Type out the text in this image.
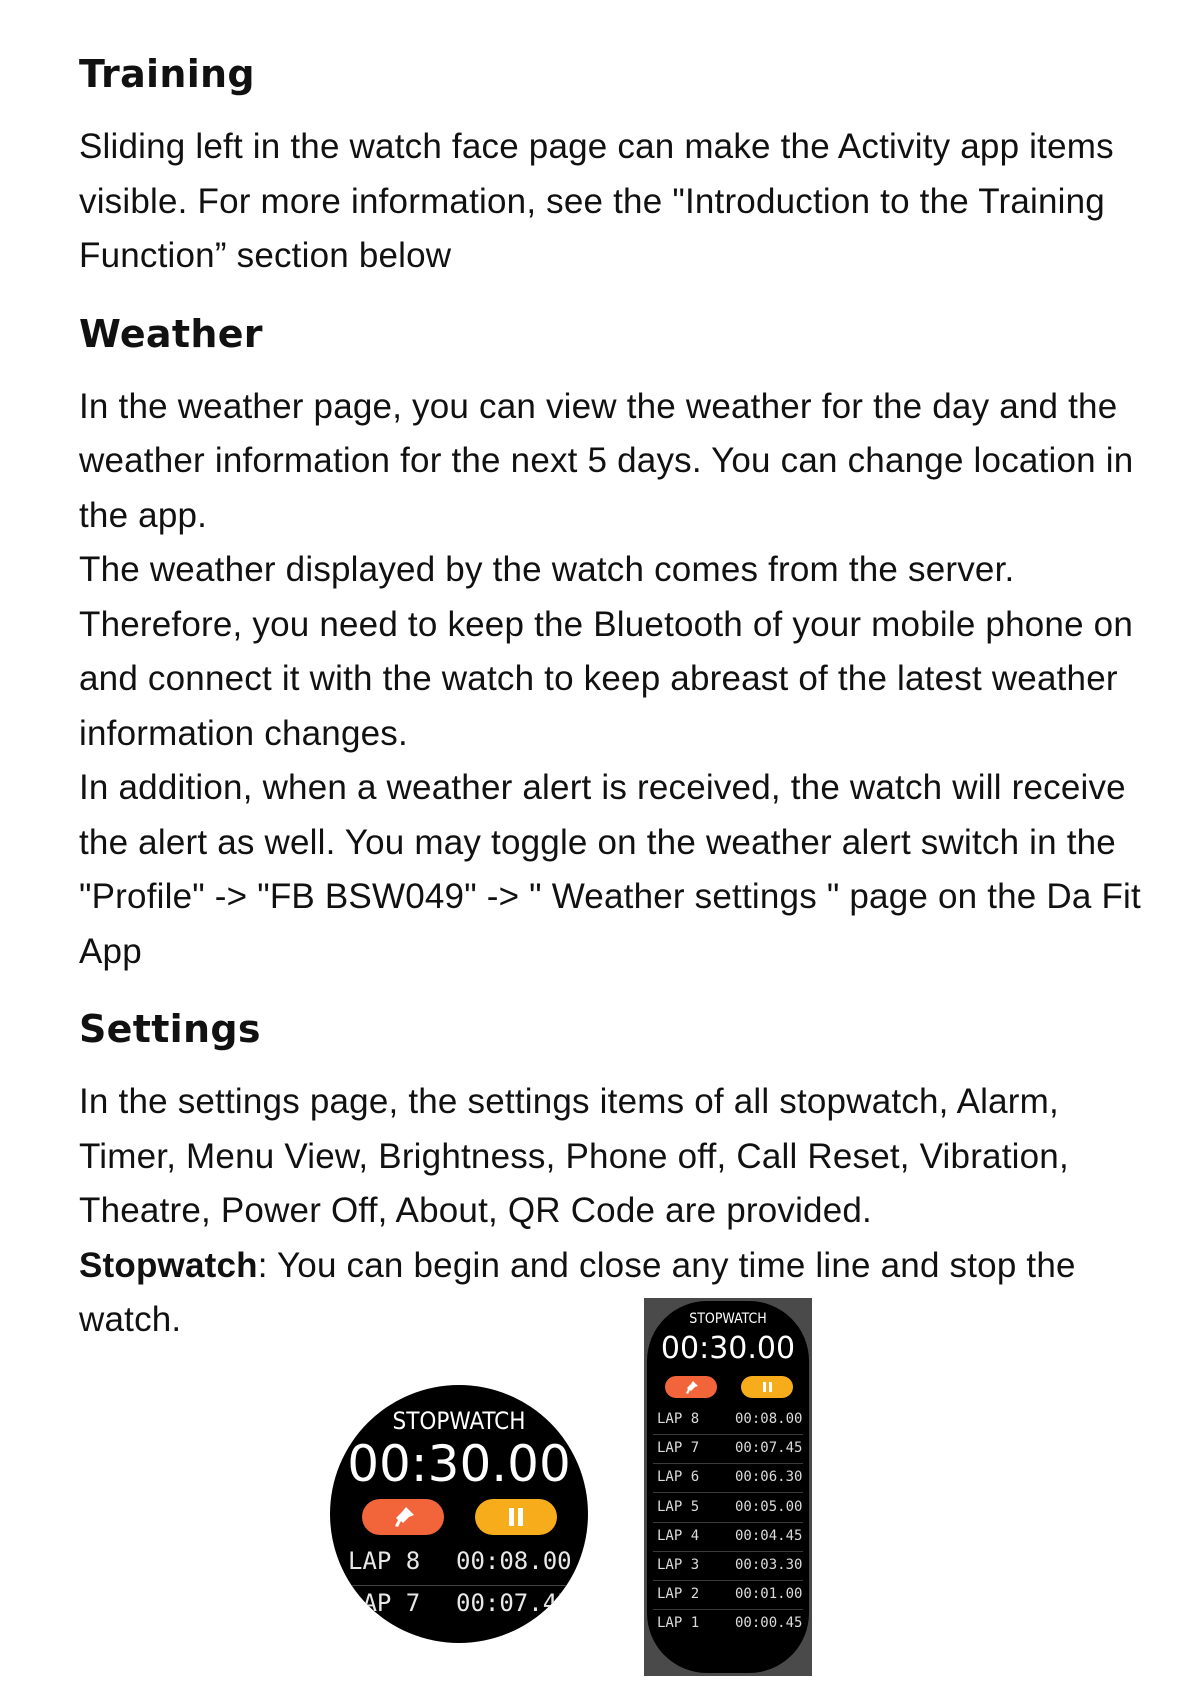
Training

Sliding left in the watch face page can make the Activity app items visible. For more information, see the "Introduction to the Training Function” section below

Weather

In the weather page, you can view the weather for the day and the weather information for the next 5 days. You can change location in the app.

The weather displayed by the watch comes from the server. Therefore, you need to keep the Bluetooth of your mobile phone on and connect it with the watch to keep abreast of the latest weather information changes.

In addition, when a weather alert is received, the watch will receive the alert as well. You may toggle on the weather alert switch in the "Profile" -> "FB BSW049" -> " Weather settings " page on the Da Fit App

Settings

In the settings page, the settings items of all stopwatch, Alarm, Timer, Menu View, Brightness, Phone off, Call Reset, Vibration, Theatre, Power Off, About, QR Code are provided.

Stopwatch: You can begin and close any time line and stop the watch.

STOPWATCH
00:30.00
LAP 8 00:08.00
LAP 7 00:07.45
STOPWATCH
00:30.00
LAP 8	00:08.00
LAP 7	00:07.45
LAP 6	00:06.30
LAP 5	00:05.00
LAP 4	00:04.45
LAP 3	00:03.30
LAP 2	00:01.00
LAP 1	00:00.45
